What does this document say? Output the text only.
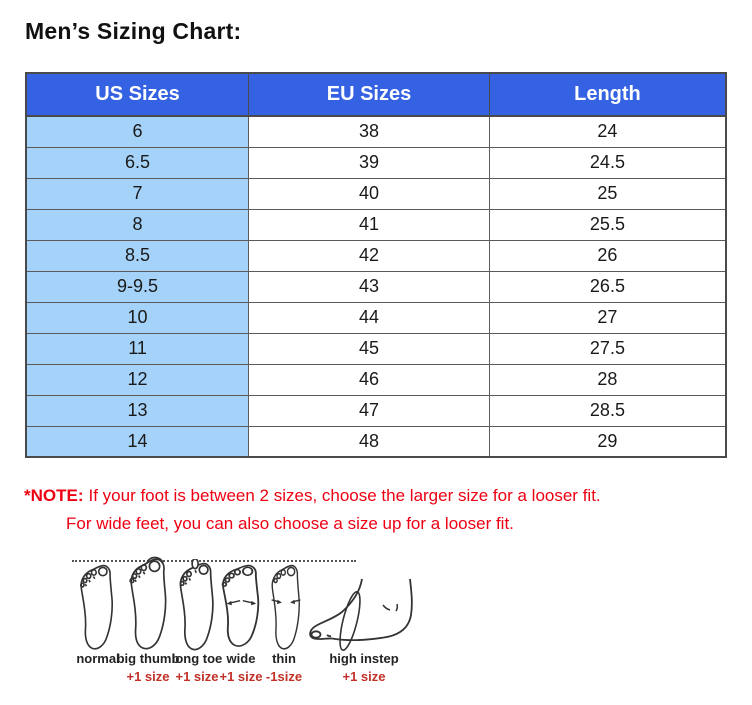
Men’s Sizing Chart:
US Sizes	EU Sizes	Length
6	38	24
6.5	39	24.5
7	40	25
8	41	25.5
8.5	42	26
9-9.5	43	26.5
10	44	27
11	45	27.5
12	46	28
13	47	28.5
14	48	29
*NOTE: If your foot is between 2 sizes, choose the larger size for a looser fit.
For wide feet, you can also choose a size up for a looser fit.
normal
big thumb
long toe wide thin	high instep
+1 size +1 size +1 size -1size	+1 size
